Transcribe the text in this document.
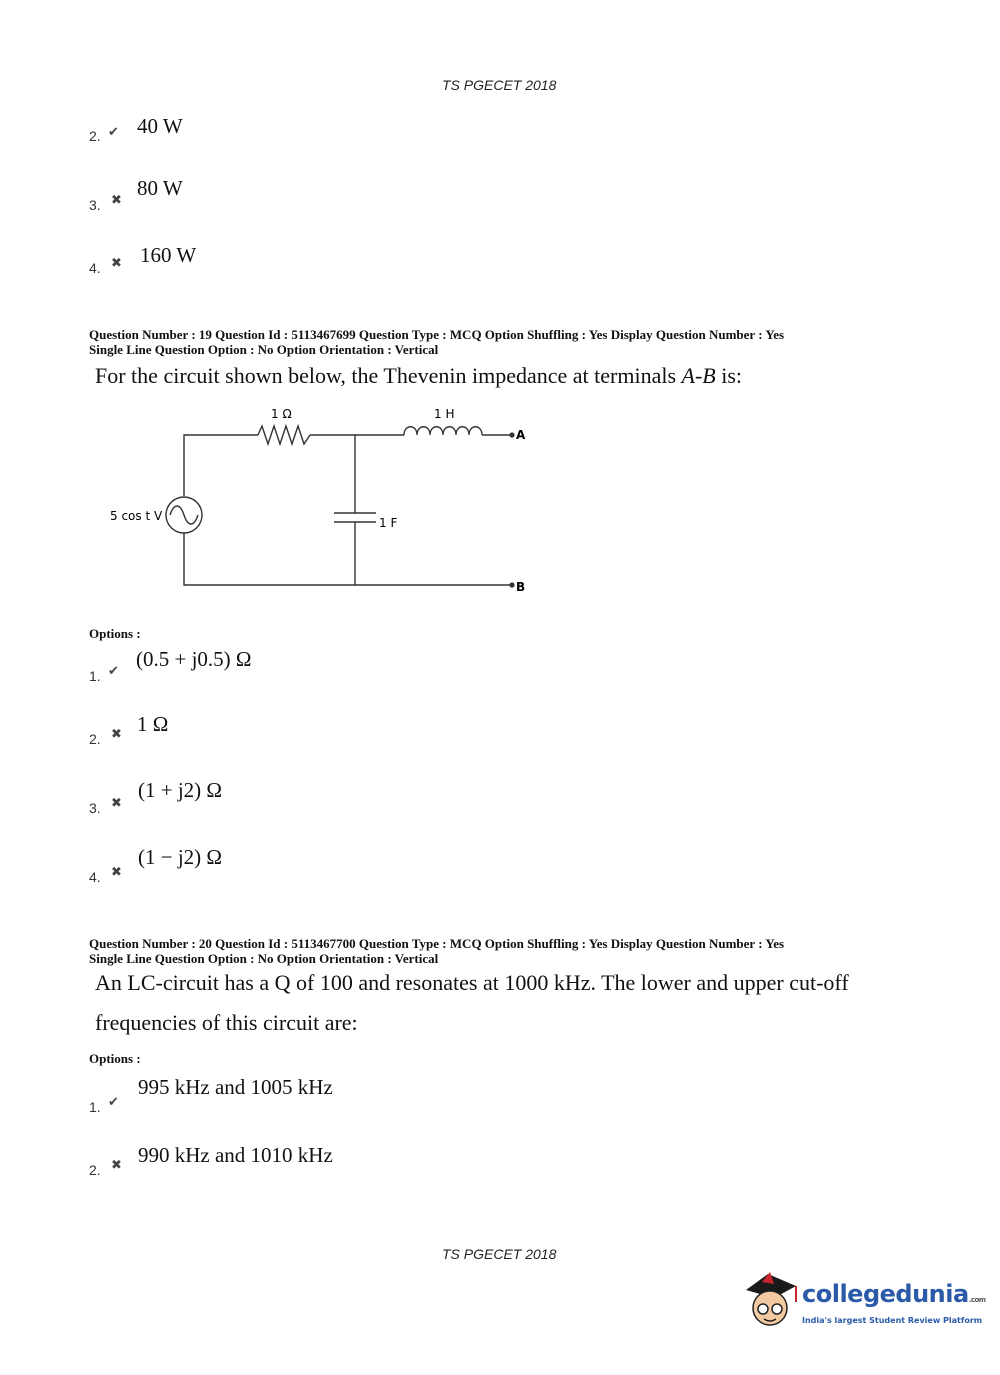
TS PGECET 2018
2. ✔ 40 W
3. ✖
80 W
4. ✖ 160 W
Question Number : 19 Question Id : 5113467699 Question Type : MCQ Option Shuffling : Yes Display Question Number : Yes
Single Line Question Option : No Option Orientation : Vertical
For the circuit shown below, the Thevenin impedance at terminals A-B is:
1 Ω	1 H
5 cos t V	1 F
A
B
Options :
1. ✔
(0.5 + j0.5) Ω
2. ✖ 1 Ω
3. ✖
(1 + j2) Ω
4. ✖
(1 − j2) Ω
Question Number : 20 Question Id : 5113467700 Question Type : MCQ Option Shuffling : Yes Display Question Number : Yes
Single Line Question Option : No Option Orientation : Vertical
An LC-circuit has a Q of 100 and resonates at 1000 kHz. The lower and upper cut-off
frequencies of this circuit are:
Options :
1. ✔
995 kHz and 1005 kHz
2. ✖ 990 kHz and 1010 kHz
TS PGECET 2018
collegedunia.com
India's largest Student Review Platform
